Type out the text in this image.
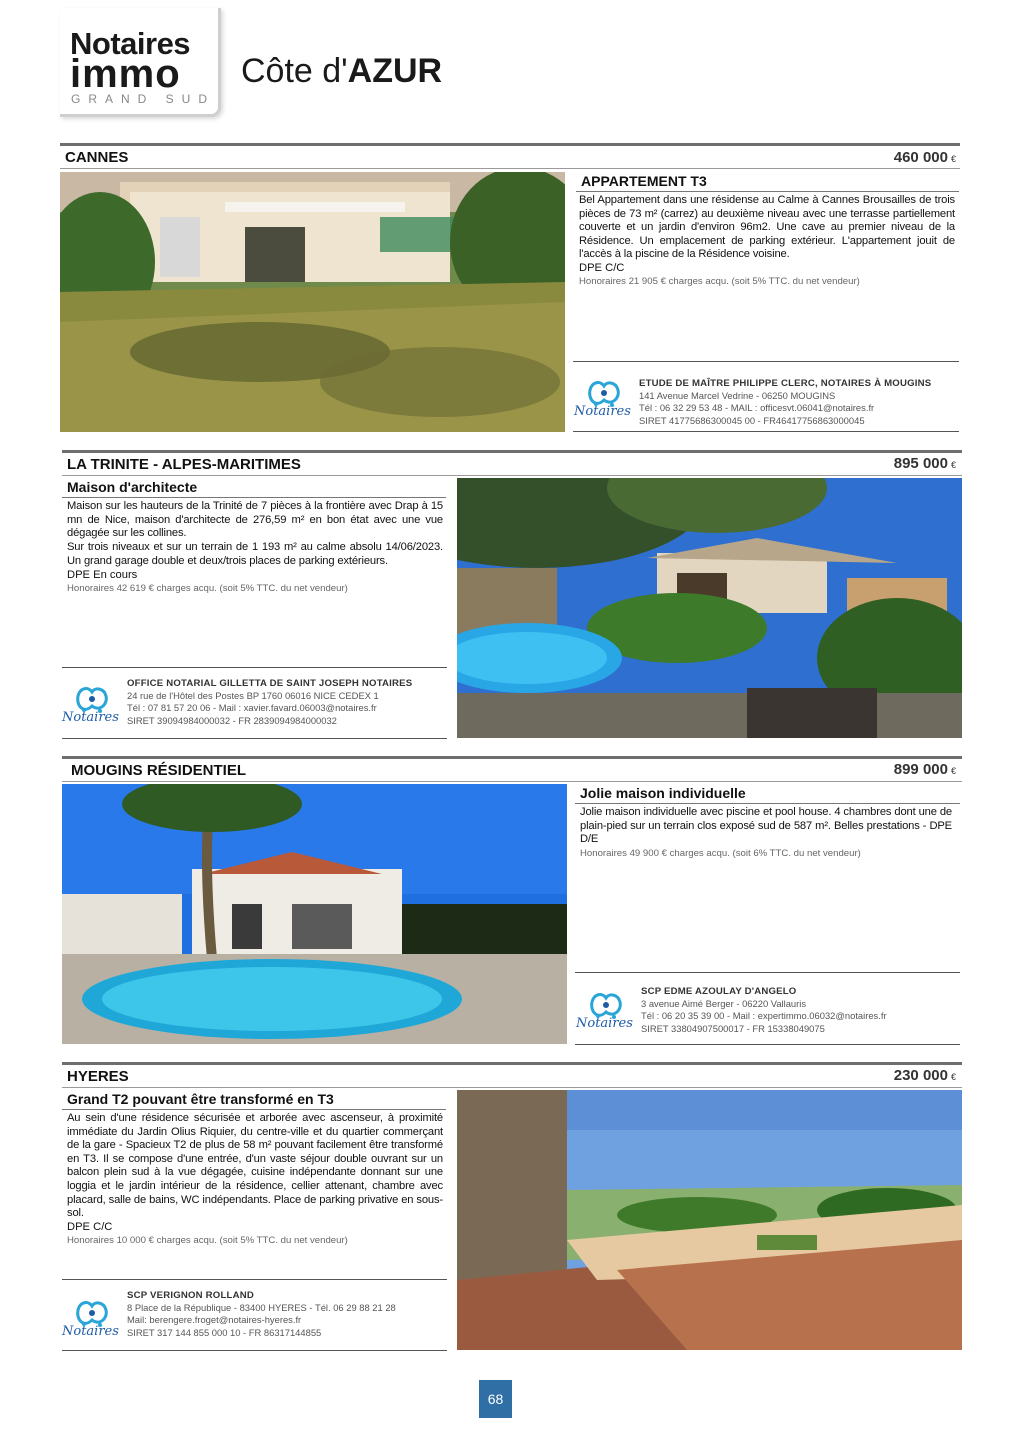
Notaires
immo
GRAND SUD
Côte d'AZUR
CANNES	460 000 €
APPARTEMENT T3
Bel Appartement dans une résidense au Calme à Cannes Brousailles de trois pièces de 73 m² (carrez) au deuxième niveau avec une terrasse partiellement couverte et un jardin d'environ 96m2. Une cave au premier niveau de la Résidence. Un emplacement de parking extérieur. L'appartement jouit de l'accès à la piscine de la Résidence voisine.
DPE C/C
Honoraires 21 905 € charges acqu. (soit 5% TTC. du net vendeur)
Notaires
ETUDE DE MAÎTRE PHILIPPE CLERC, NOTAIRES À MOUGINS
141 Avenue Marcel Vedrine - 06250 MOUGINS
Tél : 06 32 29 53 48 - MAIL : officesvt.06041@notaires.fr
SIRET 41775686300045 00 - FR46417756863000045
LA TRINITE - ALPES-MARITIMES	895 000 €
Maison d'architecte
Maison sur les hauteurs de la Trinité de 7 pièces à la frontière avec Drap à 15 mn de Nice, maison d'architecte de 276,59 m² en bon état avec une vue dégagée sur les collines.
Sur trois niveaux et sur un terrain de 1 193 m² au calme absolu 14/06/2023. Un grand garage double et deux/trois places de parking extérieurs.
DPE En cours
Honoraires 42 619 € charges acqu. (soit 5% TTC. du net vendeur)
Notaires
OFFICE NOTARIAL GILLETTA DE SAINT JOSEPH NOTAIRES
24 rue de l'Hôtel des Postes BP 1760 06016 NICE CEDEX 1
Tél : 07 81 57 20 06 - Mail : xavier.favard.06003@notaires.fr
SIRET 39094984000032 - FR 2839094984000032
MOUGINS RÉSIDENTIEL	899 000 €
Jolie maison individuelle
Jolie maison individuelle avec piscine et pool house. 4 chambres dont une de plain-pied sur un terrain clos exposé sud de 587 m². Belles prestations - DPE D/E
Honoraires 49 900 € charges acqu. (soit 6% TTC. du net vendeur)
Notaires
SCP EDME AZOULAY D'ANGELO
3 avenue Aimé Berger - 06220 Vallauris
Tél : 06 20 35 39 00 - Mail : expertimmo.06032@notaires.fr
SIRET 33804907500017 - FR 15338049075
HYERES	230 000 €
Grand T2 pouvant être transformé en T3
Au sein d'une résidence sécurisée et arborée avec ascenseur, à proximité immédiate du Jardin Olius Riquier, du centre-ville et du quartier commerçant de la gare - Spacieux T2 de plus de 58 m² pouvant facilement être transformé en T3. Il se compose d'une entrée, d'un vaste séjour double ouvrant sur un balcon plein sud à la vue dégagée, cuisine indépendante donnant sur une loggia et le jardin intérieur de la résidence, cellier attenant, chambre avec placard, salle de bains, WC indépendants. Place de parking privative en sous-sol.
DPE C/C
Honoraires 10 000 € charges acqu. (soit 5% TTC. du net vendeur)
Notaires
SCP VERIGNON ROLLAND
8 Place de la République - 83400 HYERES - Tél. 06 29 88 21 28
Mail: berengere.froget@notaires-hyeres.fr
SIRET 317 144 855 000 10 - FR 86317144855
68
